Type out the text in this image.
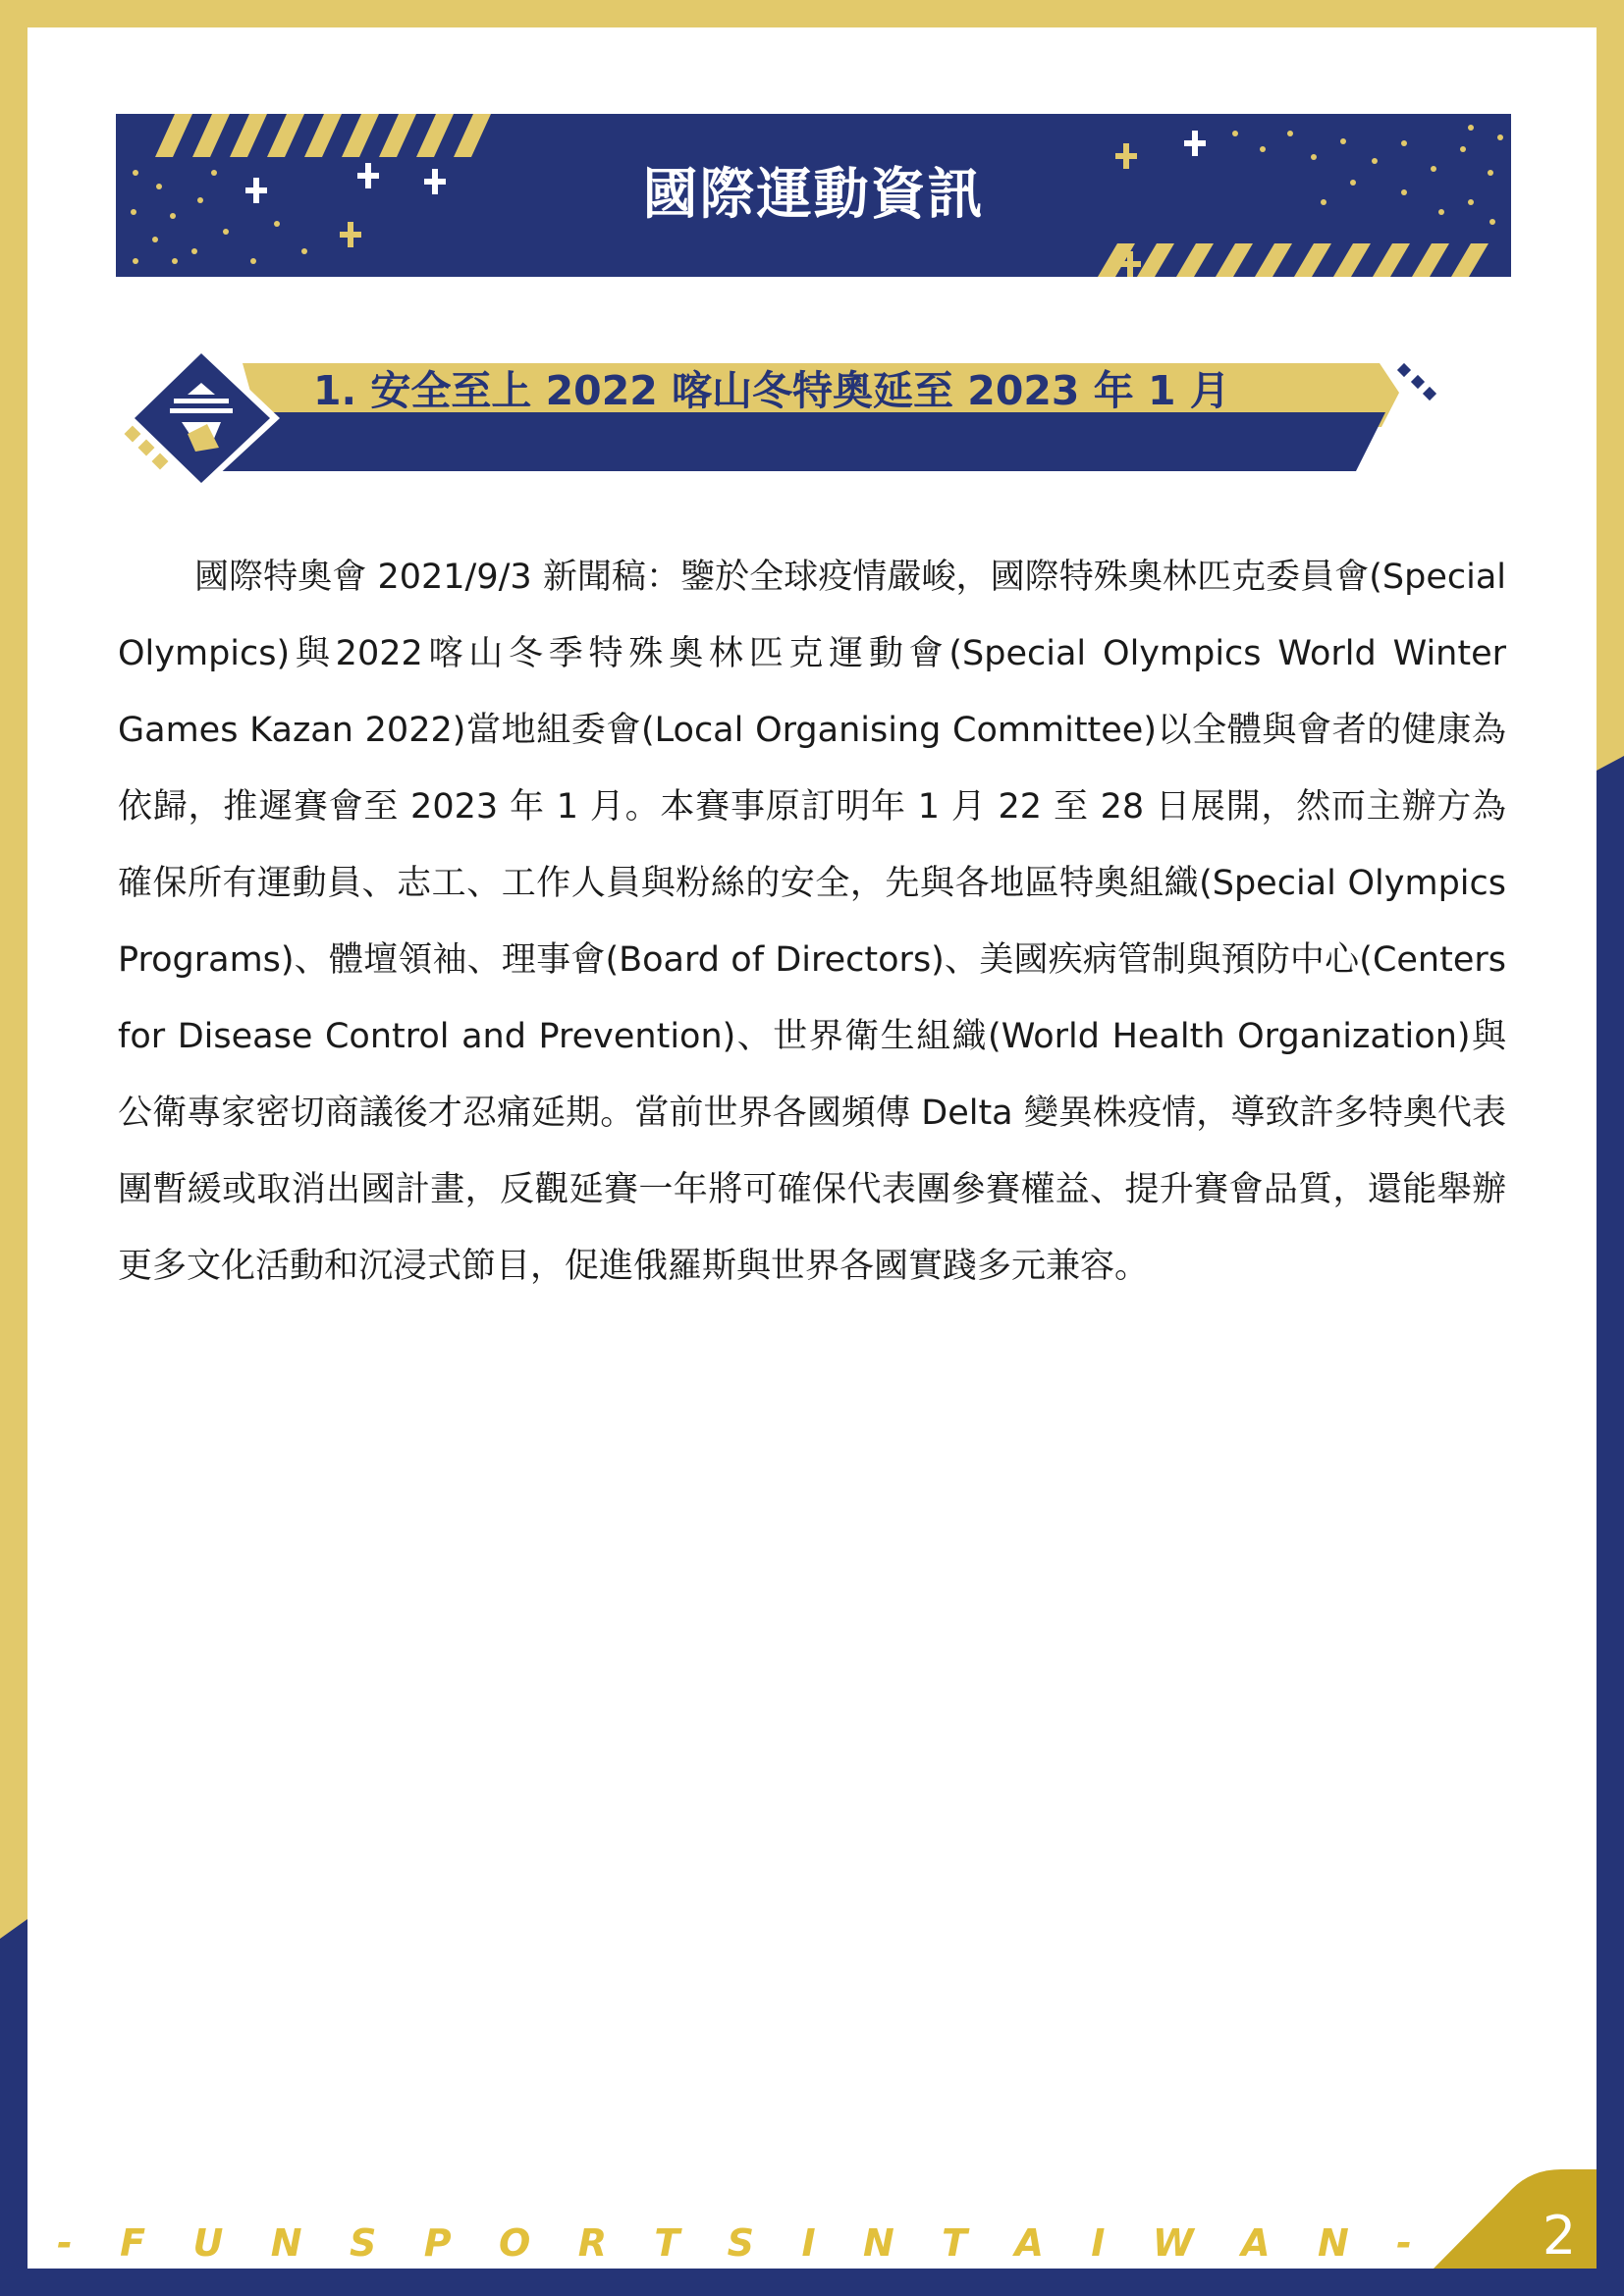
國際運動資訊
1. 安全至上 2022 喀山冬特奧延至 2023 年 1 月

國際特奧會 2021/9/3 新聞稿：鑒於全球疫情嚴峻，國際特殊奧林匹克委員會(Special Olympics)與2022喀山冬季特殊奧林匹克運動會(Special Olympics World Winter Games Kazan 2022)當地組委會(Local Organising Committee)以全體與會者的健康為依歸，推遲賽會至 2023 年 1 月。本賽事原訂明年 1 月 22 至 28 日展開，然而主辦方為確保所有運動員、志工、工作人員與粉絲的安全，先與各地區特奧組織(Special Olympics Programs)、體壇領袖、理事會(Board of Directors)、美國疾病管制與預防中心(Centers for Disease Control and Prevention)、世界衛生組織(World Health Organization)與公衛專家密切商議後才忍痛延期。當前世界各國頻傳 Delta 變異株疫情，導致許多特奧代表團暫緩或取消出國計畫，反觀延賽一年將可確保代表團參賽權益、提升賽會品質，還能舉辦更多文化活動和沉浸式節目，促進俄羅斯與世界各國實踐多元兼容。

- F U N S P O R T S I N T A I W A N -	2
